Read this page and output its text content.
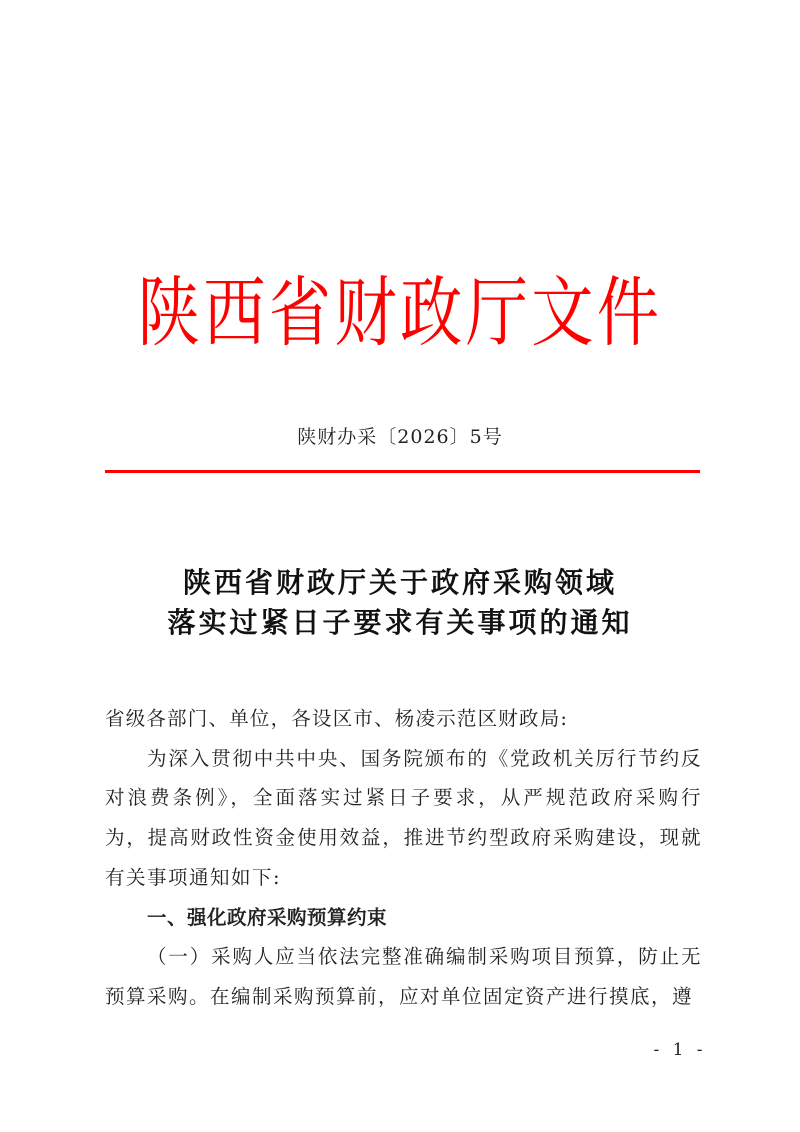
陕西省财政厅文件
陕财办采〔2026〕5号
陕西省财政厅关于政府采购领域
落实过紧日子要求有关事项的通知

省级各部门、单位，各设区市、杨凌示范区财政局:

为深入贯彻中共中央、国务院颁布的《党政机关厉行节约反对浪费条例》，全面落实过紧日子要求，从严规范政府采购行为，提高财政性资金使用效益，推进节约型政府采购建设，现就有关事项通知如下:

一、强化政府采购预算约束

（一）采购人应当依法完整准确编制采购项目预算，防止无预算采购。在编制采购预算前，应对单位固定资产进行摸底，遵

- 1 -
